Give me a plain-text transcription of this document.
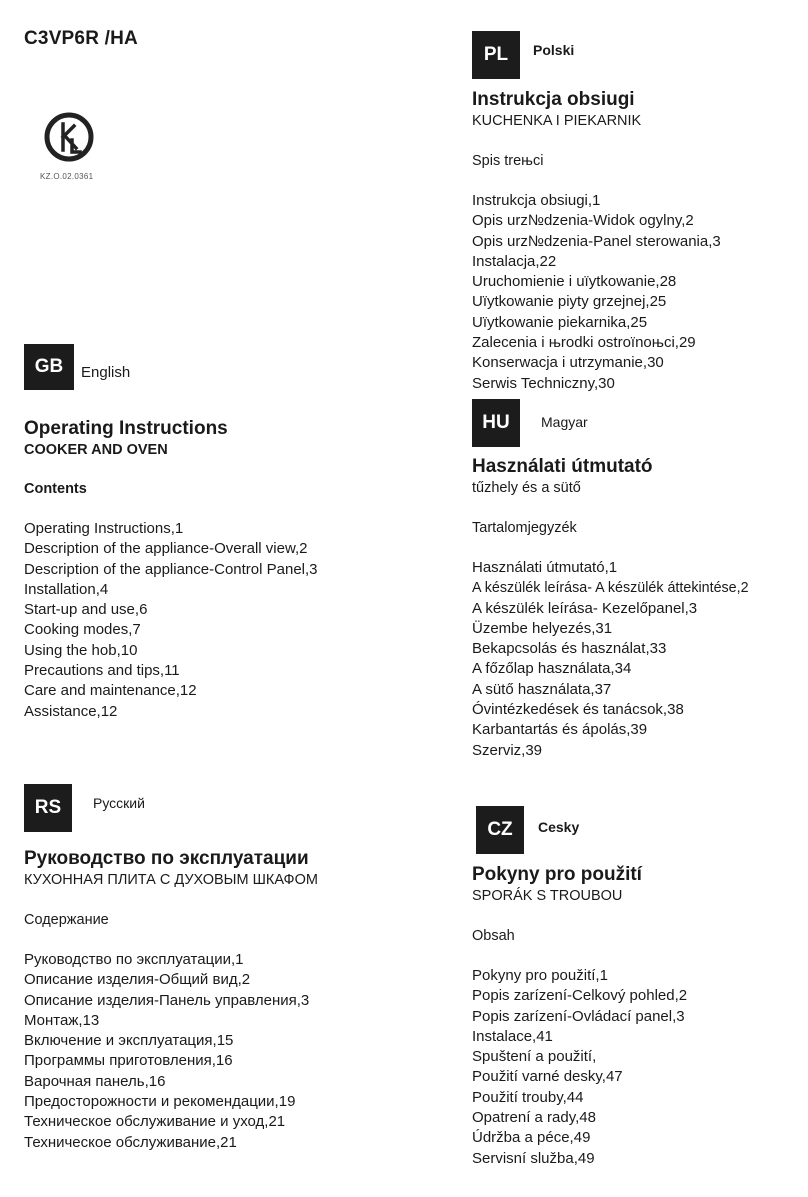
C3VP6R /HA
KZ.O.02.0361
GB	English
Operating Instructions

COOKER AND OVEN

Contents

Operating Instructions,1
Description of the appliance-Overall view,2
Description of the appliance-Control Panel,3
Installation,4
Start-up and use,6
Cooking modes,7
Using the hob,10
Precautions and tips,11
Care and maintenance,12
Assistance,12
RS	Русский
Руководство по эксплуатации

КУХОННАЯ ПЛИТА С ДУХОВЫМ ШКАФОМ

Содержание

Руководство по эксплуатации,1
Описание изделия-Общий вид,2
Описание изделия-Панель управления,3
Монтаж,13
Включение и эксплуатация,15
Программы приготовления,16
Варочная панель,16
Предосторожности и рекомендации,19
Техническое обслуживание и уход,21
Техническое обслуживание,21
PL	Polski
Instrukcja obsiugi

KUCHENKA I PIEKARNIK

Spis treњci

Instrukcja obsiugi,1
Opis urz№dzenia-Widok ogylny,2
Opis urz№dzenia-Panel sterowania,3
Instalacja,22
Uruchomienie i uїytkowanie,28
Uїytkowanie piyty grzejnej,25
Uїytkowanie piekarnika,25
Zalecenia i њrodki ostroїnoњci,29
Konserwacja i utrzymanie,30
Serwis Techniczny,30
HU	Magyar
Használati útmutató

tűzhely és a sütő

Tartalomjegyzék

Használati útmutató,1
A készülék leírása- A készülék áttekintése,2
A készülék leírása- Kezelőpanel,3
Üzembe helyezés,31
Bekapcsolás és használat,33
A főzőlap használata,34
A sütő használata,37
Óvintézkedések és tanácsok,38
Karbantartás és ápolás,39
Szerviz,39
CZ	Cesky
Pokyny pro použití

SPORÁK S TROUBOU

Obsah

Pokyny pro použití,1
Popis zarízení-Celkový pohled,2
Popis zarízení-Ovládací panel,3
Instalace,41
Spuštení a použití,
Použití varné desky,47
Použití trouby,44
Opatrení a rady,48
Údržba a péce,49
Servisní služba,49
